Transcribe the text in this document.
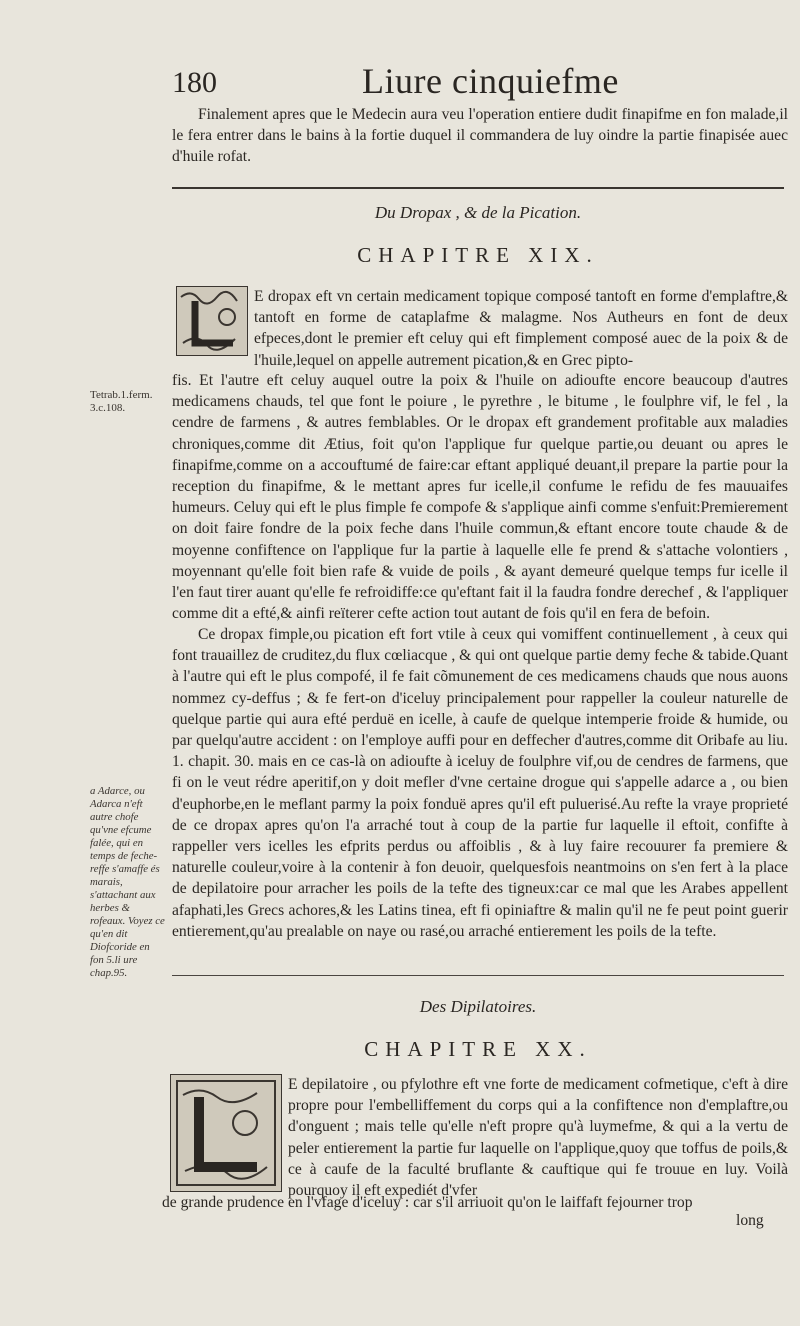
180	Liure cinquiefme

Finalement apres que le Medecin aura veu l'operation entiere dudit finapifme en fon malade,il le fera entrer dans le bains à la fortie duquel il commandera de luy oindre la partie finapisée auec d'huile rofat.

Du Dropax , & de la Pication.
CHAPITRE XIX.

E dropax eft vn certain medicament topique composé tantoft en forme d'emplaftre,& tantoft en forme de cataplafme & malagme. Nos Autheurs en font de deux efpeces,dont le premier eft celuy qui eft fimplement composé auec de la poix & de l'huile,lequel on appelle autrement pication,& en Grec pipto-

fis. Et l'autre eft celuy auquel outre la poix & l'huile on adioufte encore beaucoup d'autres medicamens chauds, tel que font le poiure , le pyrethre , le bitume , le foulphre vif, le fel , la cendre de farmens , & autres femblables. Or le dropax eft grandement profitable aux maladies chroniques,comme dit Ætius, foit qu'on l'applique fur quelque partie,ou deuant ou apres le finapifme,comme on a accouftumé de faire:car eftant appliqué deuant,il prepare la partie pour la reception du finapifme, & le mettant apres fur icelle,il confume le refidu de fes mauuaifes humeurs. Celuy qui eft le plus fimple fe compofe & s'applique ainfi comme s'enfuit:Premierement on doit faire fondre de la poix feche dans l'huile commun,& eftant encore toute chaude & de moyenne confiftence on l'applique fur la partie à laquelle elle fe prend & s'attache volontiers , moyennant qu'elle foit bien rafe & vuide de poils , & ayant demeuré quelque temps fur icelle il l'en faut tirer auant qu'elle fe refroidiffe:ce qu'eftant fait il la faudra fondre derechef , & l'appliquer comme dit a efté,& ainfi reïterer cefte action tout autant de fois qu'il en fera de befoin.

Ce dropax fimple,ou pication eft fort vtile à ceux qui vomiffent continuellement , à ceux qui font trauaillez de cruditez,du flux cœliacque , & qui ont quelque partie demy feche & tabide.Quant à l'autre qui eft le plus compofé, il fe fait cõmunement de ces medicamens chauds que nous auons nommez cy-deffus ; & fe fert-on d'iceluy principalement pour rappeller la couleur naturelle de quelque partie qui aura efté perduë en icelle, à caufe de quelque intemperie froide & humide, ou par quelqu'autre accident : on l'employe auffi pour en deffecher d'autres,comme dit Oribafe au liu. 1. chapit. 30. mais en ce cas-là on adioufte à iceluy de foulphre vif,ou de cendres de farmens, que fi on le veut rédre aperitif,on y doit mefler d'vne certaine drogue qui s'appelle adarce a , ou bien d'euphorbe,en le meflant parmy la poix fonduë apres qu'il eft puluerisé.Au refte la vraye proprieté de ce dropax apres qu'on l'a arraché tout à coup de la partie fur laquelle il eftoit, confifte à rappeller vers icelles les efprits perdus ou affoiblis , & à luy faire recouurer fa premiere & naturelle couleur,voire à la contenir à fon deuoir, quelquesfois neantmoins on s'en fert à la place de depilatoire pour arracher les poils de la tefte des tigneux:car ce mal que les Arabes appellent afaphati,les Grecs achores,& les Latins tinea, eft fi opiniaftre & malin qu'il ne fe peut point guerir entierement,qu'au prealable on naye ou rasé,ou arraché entierement les poils de la tefte.

Tetrab.1.ferm. 3.c.108.
a Adarce, ou Adarca n'eft autre chofe qu'vne efcume falée, qui en temps de feche-reffe s'amaffe és marais, s'attachant aux herbes & rofeaux. Voyez ce qu'en dit Diofcoride en fon 5.li ure chap.95.
Des Dipilatoires.
CHAPITRE XX.

E depilatoire , ou pfylothre eft vne forte de medicament cofmetique, c'eft à dire propre pour l'embelliffement du corps qui a la confiftence non d'emplaftre,ou d'onguent ; mais telle qu'elle n'eft propre qu'à luymefme, & qui a la vertu de peler entierement la partie fur laquelle on l'applique,quoy que toffus de poils,& ce à caufe de la faculté bruflante & cauftique qui fe trouue en luy. Voilà pourquoy il eft expediét d'vfer

de grande prudence en l'vfage d'iceluy : car s'il arriuoit qu'on le laiffaft fejourner trop

long
